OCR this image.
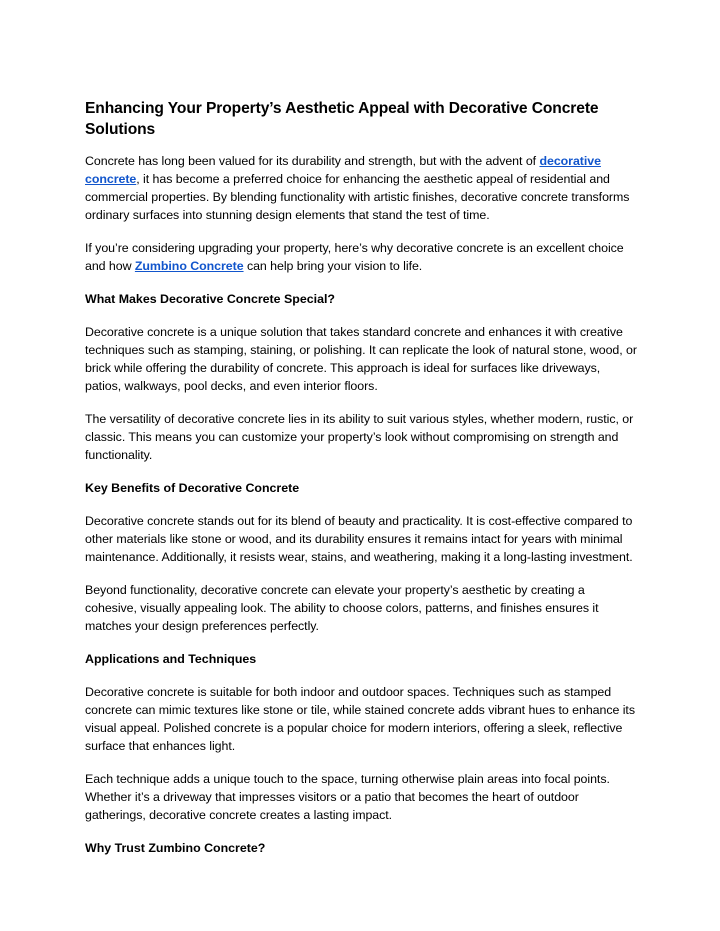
Enhancing Your Property’s Aesthetic Appeal with Decorative Concrete Solutions

Concrete has long been valued for its durability and strength, but with the advent of decorative concrete, it has become a preferred choice for enhancing the aesthetic appeal of residential and commercial properties. By blending functionality with artistic finishes, decorative concrete transforms ordinary surfaces into stunning design elements that stand the test of time.

If you’re considering upgrading your property, here’s why decorative concrete is an excellent choice and how Zumbino Concrete can help bring your vision to life.

What Makes Decorative Concrete Special?

Decorative concrete is a unique solution that takes standard concrete and enhances it with creative techniques such as stamping, staining, or polishing. It can replicate the look of natural stone, wood, or brick while offering the durability of concrete. This approach is ideal for surfaces like driveways, patios, walkways, pool decks, and even interior floors.

The versatility of decorative concrete lies in its ability to suit various styles, whether modern, rustic, or classic. This means you can customize your property’s look without compromising on strength and functionality.

Key Benefits of Decorative Concrete

Decorative concrete stands out for its blend of beauty and practicality. It is cost-effective compared to other materials like stone or wood, and its durability ensures it remains intact for years with minimal maintenance. Additionally, it resists wear, stains, and weathering, making it a long-lasting investment.

Beyond functionality, decorative concrete can elevate your property’s aesthetic by creating a cohesive, visually appealing look. The ability to choose colors, patterns, and finishes ensures it matches your design preferences perfectly.

Applications and Techniques

Decorative concrete is suitable for both indoor and outdoor spaces. Techniques such as stamped concrete can mimic textures like stone or tile, while stained concrete adds vibrant hues to enhance its visual appeal. Polished concrete is a popular choice for modern interiors, offering a sleek, reflective surface that enhances light.

Each technique adds a unique touch to the space, turning otherwise plain areas into focal points. Whether it’s a driveway that impresses visitors or a patio that becomes the heart of outdoor gatherings, decorative concrete creates a lasting impact.

Why Trust Zumbino Concrete?
